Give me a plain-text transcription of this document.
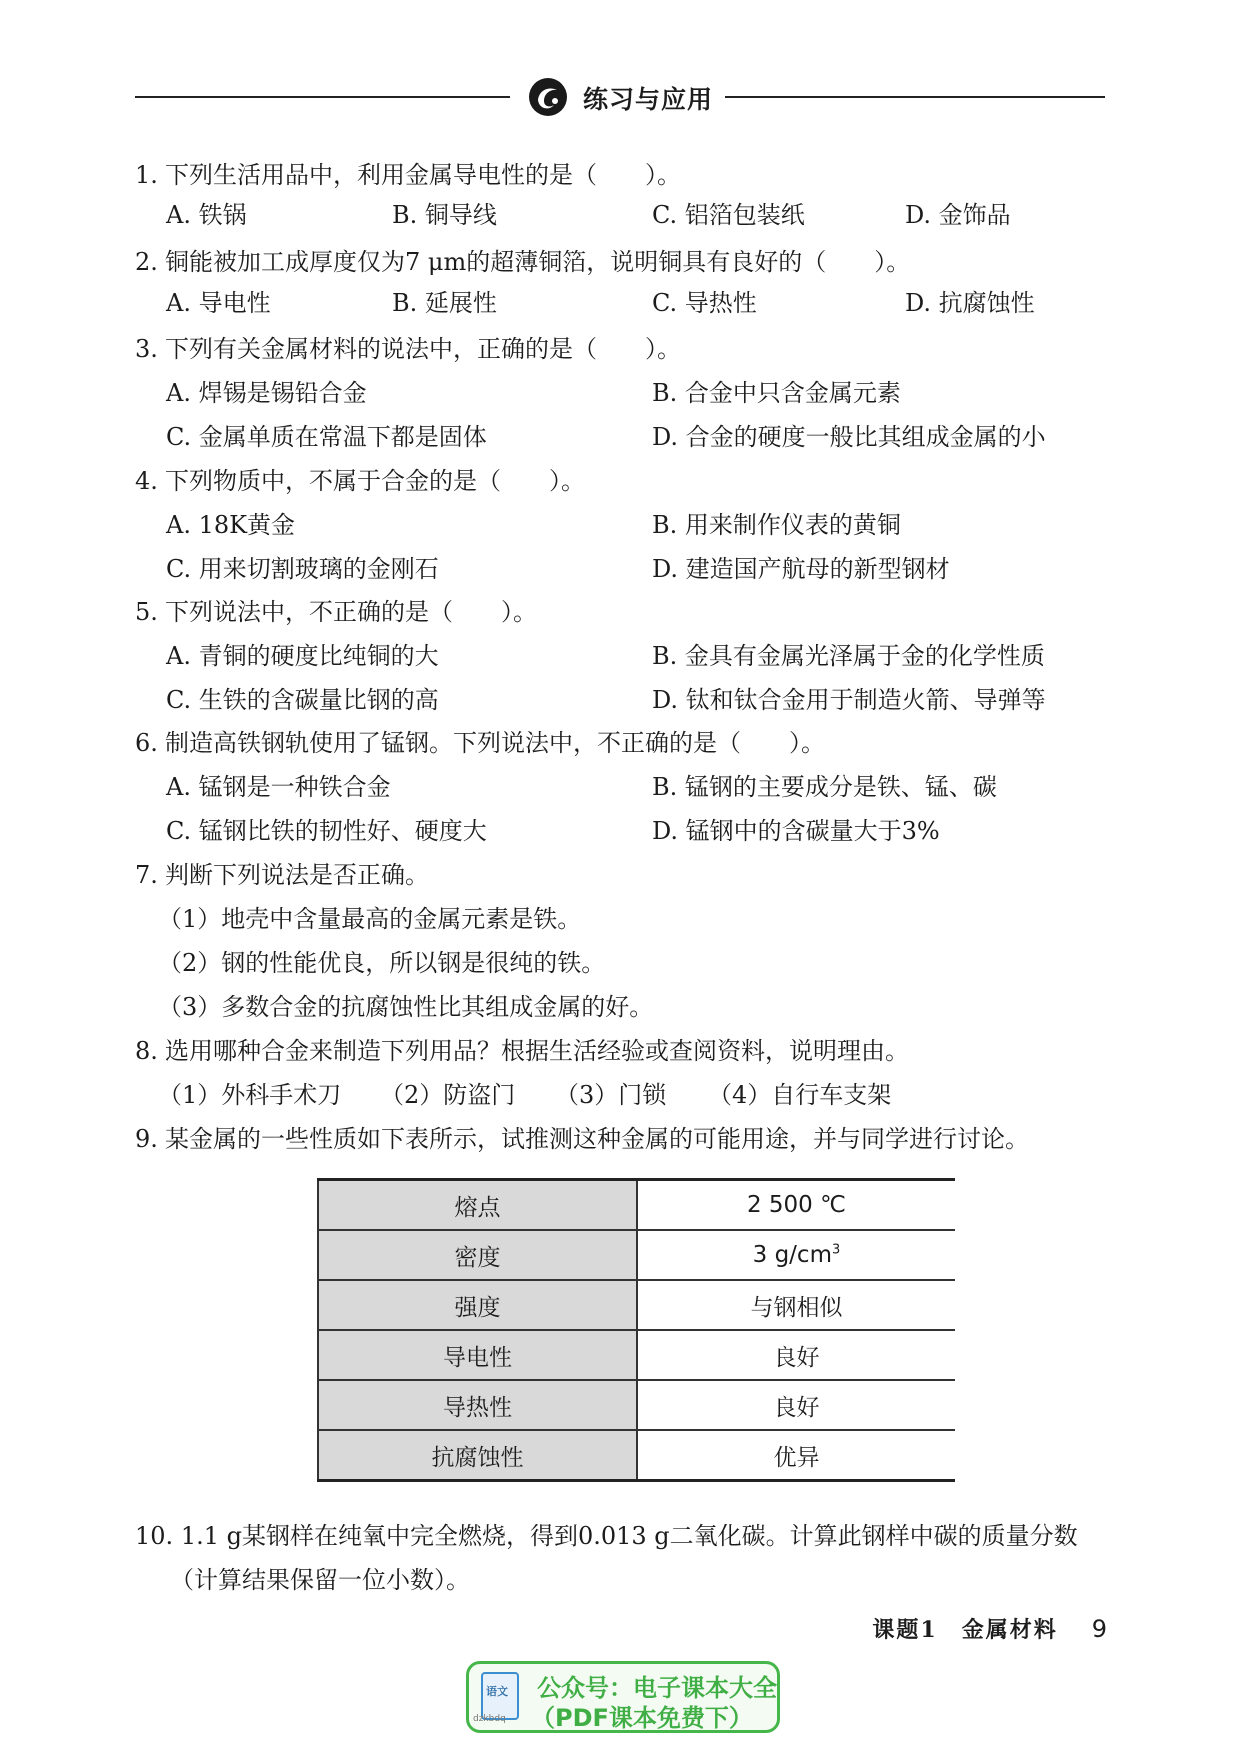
练习与应用
1. 下列生活用品中，利用金属导电性的是（　　）。
A. 铁锅	B. 铜导线	C. 铝箔包装纸	D. 金饰品
2. 铜能被加工成厚度仅为7 μm的超薄铜箔，说明铜具有良好的（　　）。
A. 导电性	B. 延展性	C. 导热性	D. 抗腐蚀性
3. 下列有关金属材料的说法中，正确的是（　　）。
A. 焊锡是锡铅合金	B. 合金中只含金属元素
C. 金属单质在常温下都是固体	D. 合金的硬度一般比其组成金属的小
4. 下列物质中，不属于合金的是（　　）。
A. 18K黄金	B. 用来制作仪表的黄铜
C. 用来切割玻璃的金刚石	D. 建造国产航母的新型钢材
5. 下列说法中，不正确的是（　　）。
A. 青铜的硬度比纯铜的大	B. 金具有金属光泽属于金的化学性质
C. 生铁的含碳量比钢的高	D. 钛和钛合金用于制造火箭、导弹等
6. 制造高铁钢轨使用了锰钢。下列说法中，不正确的是（　　）。
A. 锰钢是一种铁合金	B. 锰钢的主要成分是铁、锰、碳
C. 锰钢比铁的韧性好、硬度大	D. 锰钢中的含碳量大于3%
7. 判断下列说法是否正确。
（1）地壳中含量最高的金属元素是铁。
（2）钢的性能优良，所以钢是很纯的铁。
（3）多数合金的抗腐蚀性比其组成金属的好。
8. 选用哪种合金来制造下列用品？根据生活经验或查阅资料，说明理由。
（1）外科手术刀 （2）防盗门 （3）门锁 （4）自行车支架
9. 某金属的一些性质如下表所示，试推测这种金属的可能用途，并与同学进行讨论。
熔点	2 500 ℃
密度	3 $g/cm^3$
强度	与钢相似
导电性	良好
导热性	良好
抗腐蚀性	优异
10. 1.1 g某钢样在纯氧中完全燃烧，得到0.013 g二氧化碳。计算此钢样中碳的质量分数
（计算结果保留一位小数）。
课题1　金属材料 9
语文
dzkbdq
公众号：电子课本大全
（PDF课本免费下）
